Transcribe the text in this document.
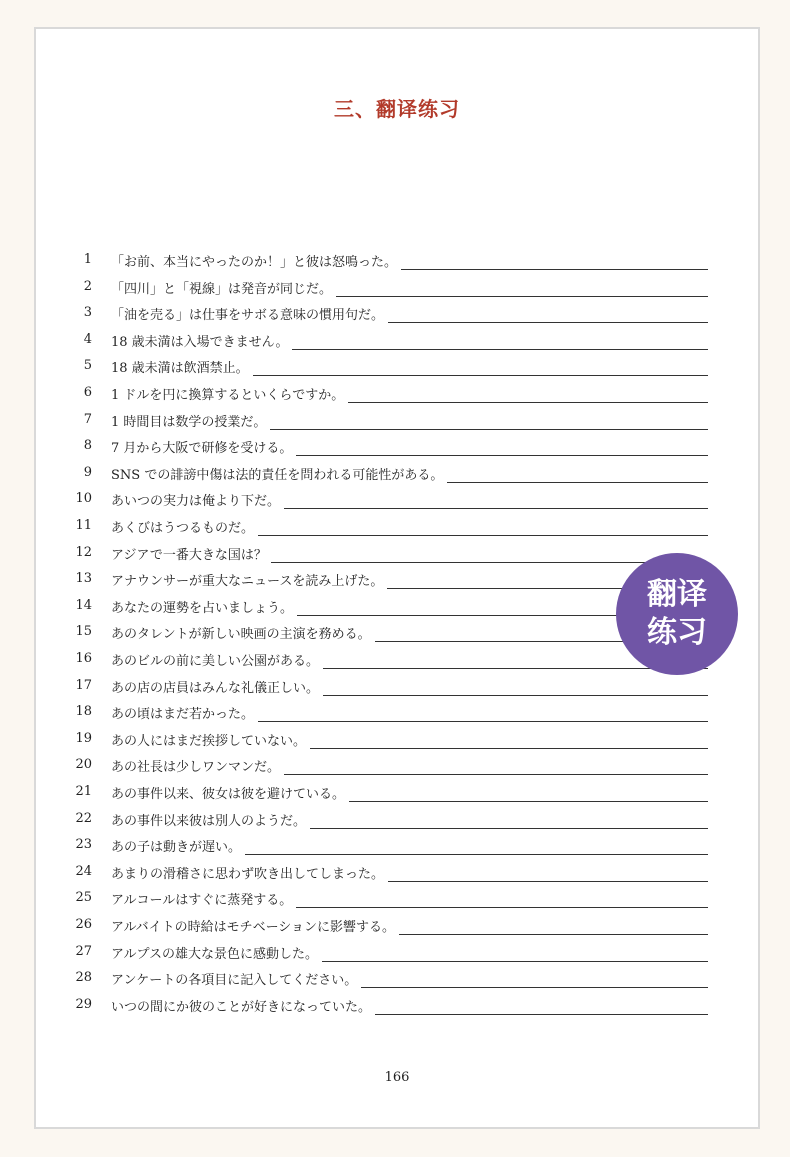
三、翻译练习
1 「お前、本当にやったのか！」と彼は怒鳴った。
2 「四川」と「視線」は発音が同じだ。
3 「油を売る」は仕事をサボる意味の慣用句だ。
4 18 歳未満は入場できません。
5 18 歳未満は飲酒禁止。
6 1 ドルを円に換算するといくらですか。
7 1 時間目は数学の授業だ。
8 7 月から大阪で研修を受ける。
9 SNS での誹謗中傷は法的責任を問われる可能性がある。
10 あいつの実力は俺より下だ。
11 あくびはうつるものだ。
12 アジアで一番大きな国は？
13 アナウンサーが重大なニュースを読み上げた。
14 あなたの運勢を占いましょう。
15 あのタレントが新しい映画の主演を務める。
16 あのビルの前に美しい公園がある。
17 あの店の店員はみんな礼儀正しい。
18 あの頃はまだ若かった。
19 あの人にはまだ挨拶していない。
20 あの社長は少しワンマンだ。
21 あの事件以来、彼女は彼を避けている。
22 あの事件以来彼は別人のようだ。
23 あの子は動きが遅い。
24 あまりの滑稽さに思わず吹き出してしまった。
25 アルコールはすぐに蒸発する。
26 アルバイトの時給はモチベーションに影響する。
27 アルプスの雄大な景色に感動した。
28 アンケートの各項目に記入してください。
29 いつの間にか彼のことが好きになっていた。
166
翻译
练习
